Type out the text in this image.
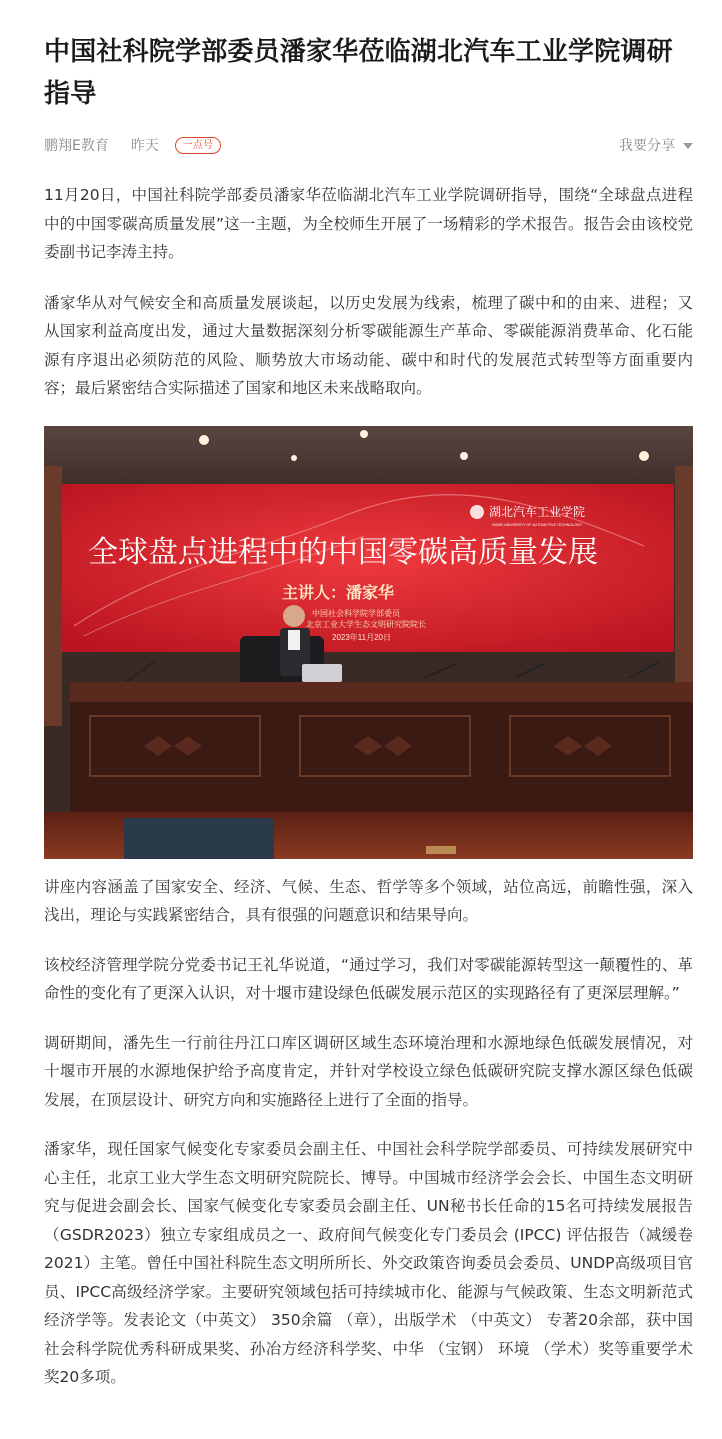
中国社科院学部委员潘家华莅临湖北汽车工业学院调研指导
鹏翔E教育 昨天	一点号	我要分享

11月20日，中国社科院学部委员潘家华莅临湖北汽车工业学院调研指导，围绕“全球盘点进程中的中国零碳高质量发展”这一主题，为全校师生开展了一场精彩的学术报告。报告会由该校党委副书记李涛主持。

潘家华从对气候安全和高质量发展谈起，以历史发展为线索，梳理了碳中和的由来、进程；又从国家利益高度出发，通过大量数据深刻分析零碳能源生产革命、零碳能源消费革命、化石能源有序退出必须防范的风险、顺势放大市场动能、碳中和时代的发展范式转型等方面重要内容；最后紧密结合实际描述了国家和地区未来战略取向。

全球盘点进程中的中国零碳高质量发展
主讲人：潘家华
中国社会科学院学部委员
北京工业大学生态文明研究院院长
2023年11月20日
湖北汽车工业学院
HUBEI UNIVERSITY OF AUTOMOTIVE TECHNOLOGY

讲座内容涵盖了国家安全、经济、气候、生态、哲学等多个领域，站位高远，前瞻性强，深入浅出，理论与实践紧密结合，具有很强的问题意识和结果导向。

该校经济管理学院分党委书记王礼华说道，“通过学习，我们对零碳能源转型这一颠覆性的、革命性的变化有了更深入认识，对十堰市建设绿色低碳发展示范区的实现路径有了更深层理解。”

调研期间，潘先生一行前往丹江口库区调研区域生态环境治理和水源地绿色低碳发展情况，对十堰市开展的水源地保护给予高度肯定，并针对学校设立绿色低碳研究院支撑水源区绿色低碳发展，在顶层设计、研究方向和实施路径上进行了全面的指导。

潘家华，现任国家气候变化专家委员会副主任、中国社会科学院学部委员、可持续发展研究中心主任，北京工业大学生态文明研究院院长、博导。中国城市经济学会会长、中国生态文明研究与促进会副会长、国家气候变化专家委员会副主任、UN秘书长任命的15名可持续发展报告 （GSDR2023）独立专家组成员之一、政府间气候变化专门委员会 (IPCC) 评估报告（减缓卷2021）主笔。曾任中国社科院生态文明所所长、外交政策咨询委员会委员、UNDP高级项目官员、IPCC高级经济学家。主要研究领域包括可持续城市化、能源与气候政策、生态文明新范式经济学等。发表论文（中英文） 350余篇 （章），出版学术 （中英文） 专著20余部，获中国社会科学院优秀科研成果奖、孙冶方经济科学奖、中华 （宝钢） 环境 （学术）奖等重要学术奖20多项。
